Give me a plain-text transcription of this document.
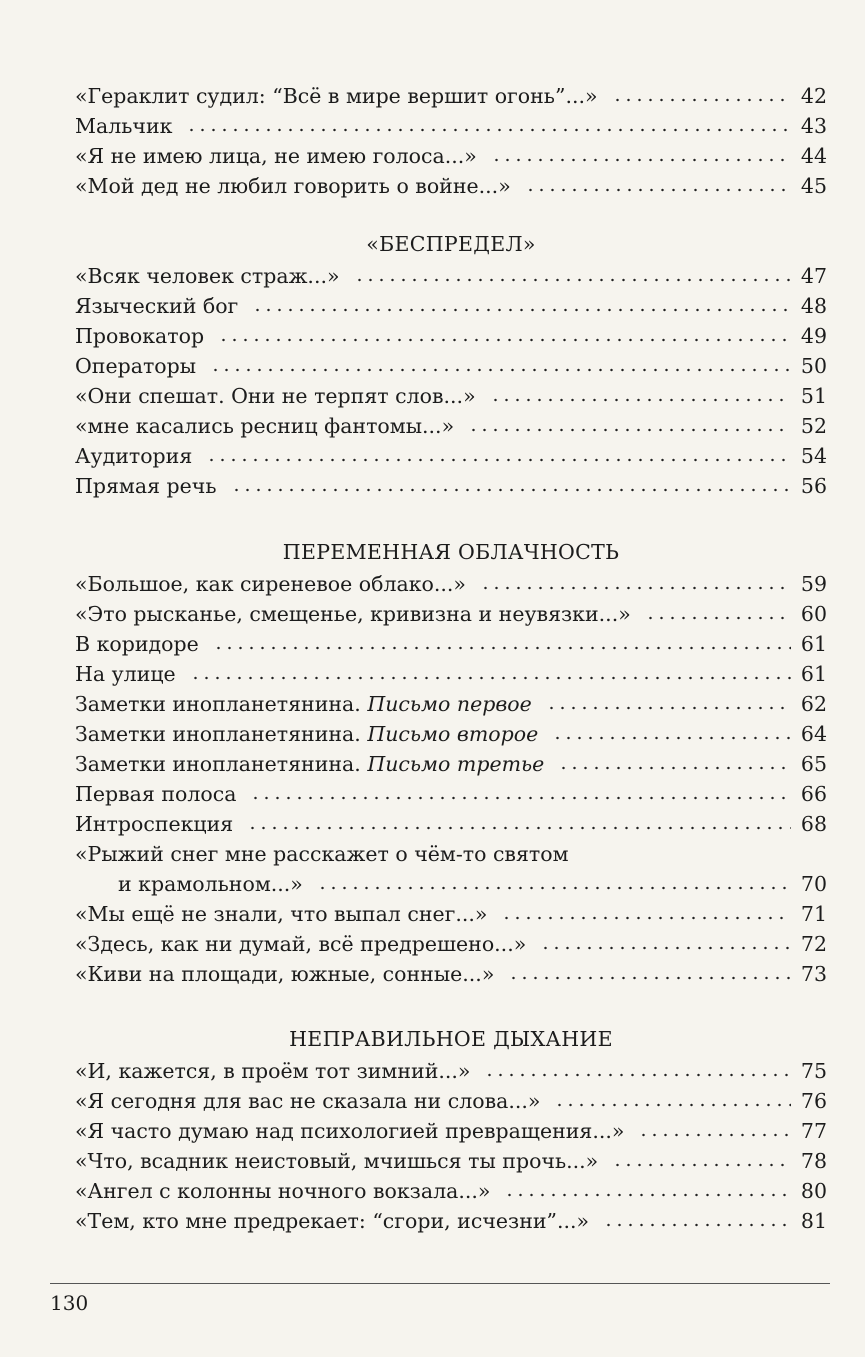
«Гераклит судил: “Всё в мире вершит огонь”...»	42
Мальчик	43
«Я не имею лица, не имею голоса...»	44
«Мой дед не любил говорить о войне...»	45
«БЕСПРЕДЕЛ»
«Всяк человек страж...»	47
Языческий бог	48
Провокатор	49
Операторы	50
«Они спешат. Они не терпят слов...»	51
«мне касались ресниц фантомы...»	52
Аудитория	54
Прямая речь	56
ПЕРЕМЕННАЯ ОБЛАЧНОСТЬ
«Большое, как сиреневое облако...»	59
«Это рысканье, смещенье, кривизна и неувязки...»	60
В коридоре	61
На улице	61
Заметки инопланетянина. Письмо первое	62
Заметки инопланетянина. Письмо второе	64
Заметки инопланетянина. Письмо третье	65
Первая полоса	66
Интроспекция	68
«Рыжий снег мне расскажет о чём-то святом
и крамольном...»	70
«Мы ещё не знали, что выпал снег...»	71
«Здесь, как ни думай, всё предрешено...»	72
«Киви на площади, южные, сонные...»	73
НЕПРАВИЛЬНОЕ ДЫХАНИЕ
«И, кажется, в проём тот зимний...»	75
«Я сегодня для вас не сказала ни слова...»	76
«Я часто думаю над психологией превращения...»	77
«Что, всадник неистовый, мчишься ты прочь...»	78
«Ангел с колонны ночного вокзала...»	80
«Тем, кто мне предрекает: “сгори, исчезни”...»	81
130
